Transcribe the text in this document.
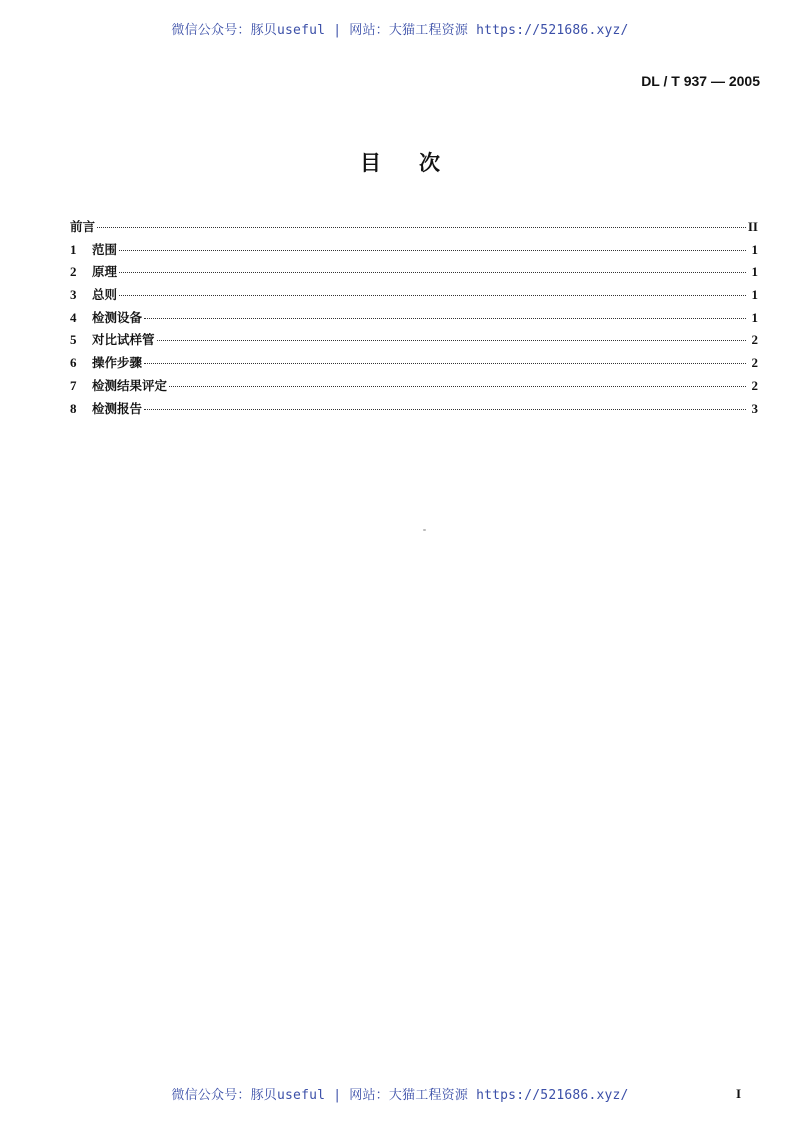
微信公众号：豚贝useful | 网站：大猫工程资源 https://521686.xyz/
DL / T 937 — 2005
目次
前言	II
1	范围	1
2	原理	1
3	总则	1
4	检测设备	1
5	对比试样管	2
6	操作步骤	2
7	检测结果评定	2
8	检测报告	3
微信公众号：豚贝useful | 网站：大猫工程资源 https://521686.xyz/	I
